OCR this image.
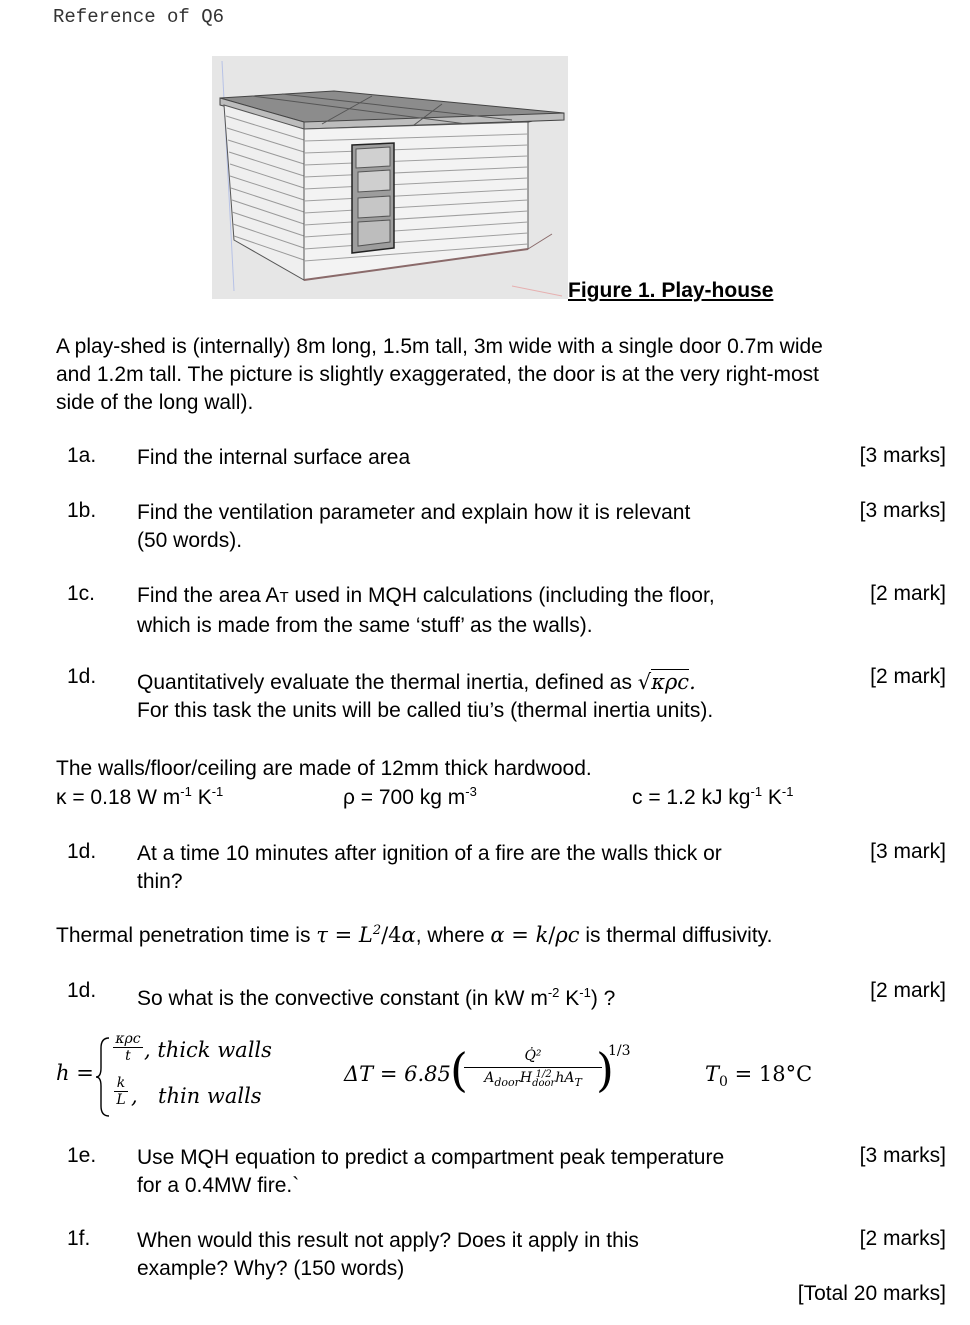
Reference of Q6
Figure 1. Play-house
A play-shed is (internally) 8m long, 1.5m tall, 3m wide with a single door 0.7m wide
and 1.2m tall. The picture is slightly exaggerated, the door is at the very right-most
side of the long wall).
1a. Find the internal surface area	[3 marks]
1b. Find the ventilation parameter and explain how it is relevant
(50 words).
[3 marks]
1c. Find the area AT used in MQH calculations (including the floor,
which is made from the same ‘stuff’ as the walls).
[2 mark]
1d. Quantitatively evaluate the thermal inertia, defined as √κρc.
For this task the units will be called tiu’s (thermal inertia units).
[2 mark]
The walls/floor/ceiling are made of 12mm thick hardwood.
κ = 0.18 W $m^{-1}$ $K^{-1}$	ρ = 700 kg $m^{-3}$	c = 1.2 kJ $kg^{-1}$ $K^{-1}$
1d. At a time 10 minutes after ignition of a fire are the walls thick or
thin?
[3 mark]
Thermal penetration time is $\tau = L^2/4\alpha$, where α = k/ρc is thermal diffusivity.
1d. So what is the convective constant (in kW $m^{-2}$ $K^{-1}$) ?	[2 mark]
h =
κρc
t , thick walls
k
L , thin walls
ΔT = 6.85 (	Q̇²
$A_{door}H$ 1/2
door $hA_T$ )
1/3
$T_0 = 18^\circ C$
1e. Use MQH equation to predict a compartment peak temperature
for a 0.4MW fire.`
[3 marks]
1f. When would this result not apply? Does it apply in this
example? Why? (150 words)
[2 marks]
[Total 20 marks]
